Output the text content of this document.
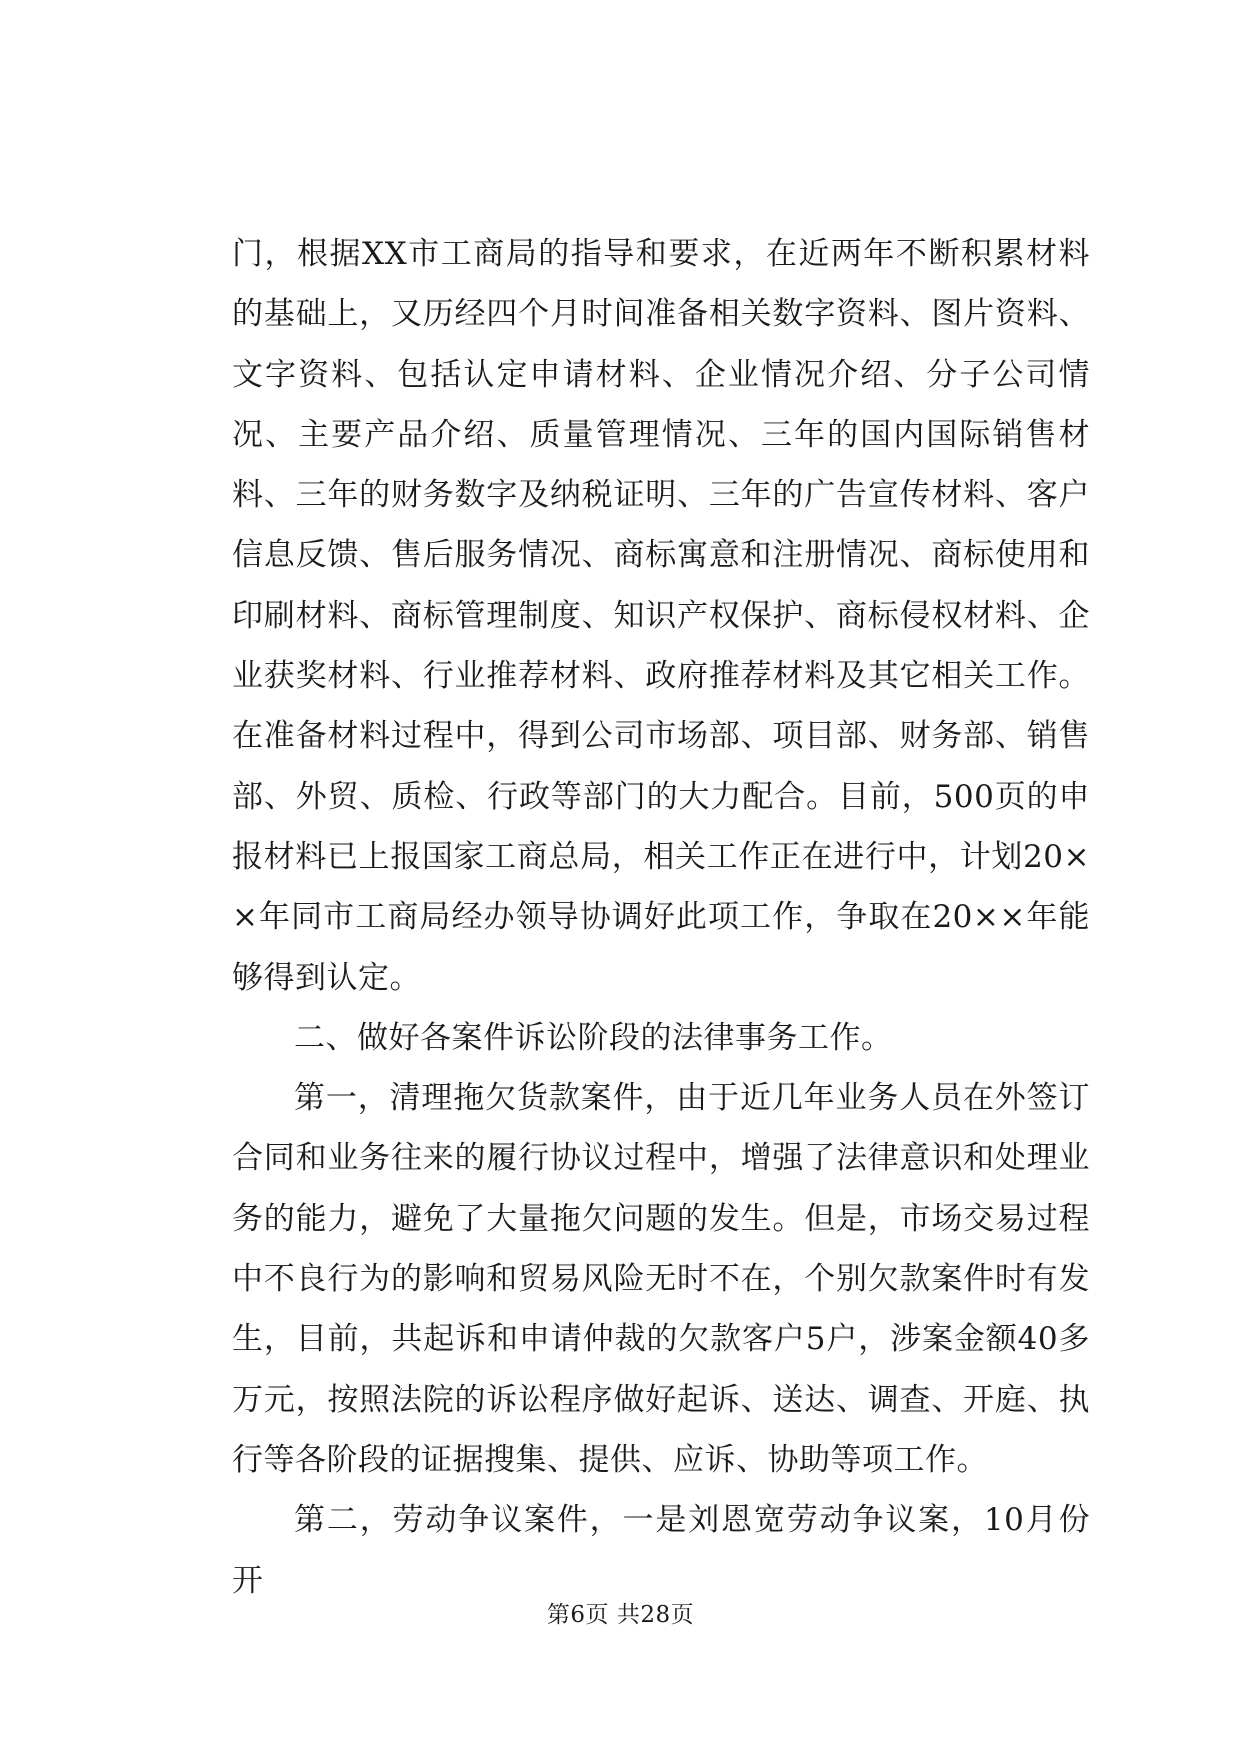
门，根据XX市工商局的指导和要求，在近两年不断积累材料的基础上，又历经四个月时间准备相关数字资料、图片资料、文字资料、包括认定申请材料、企业情况介绍、分子公司情况、主要产品介绍、质量管理情况、三年的国内国际销售材料、三年的财务数字及纳税证明、三年的广告宣传材料、客户信息反馈、售后服务情况、商标寓意和注册情况、商标使用和印刷材料、商标管理制度、知识产权保护、商标侵权材料、企业获奖材料、行业推荐材料、政府推荐材料及其它相关工作。在准备材料过程中，得到公司市场部、项目部、财务部、销售部、外贸、质检、行政等部门的大力配合。目前，500页的申报材料已上报国家工商总局，相关工作正在进行中，计划20××年同市工商局经办领导协调好此项工作，争取在20××年能够得到认定。

二、做好各案件诉讼阶段的法律事务工作。

第一，清理拖欠货款案件，由于近几年业务人员在外签订合同和业务往来的履行协议过程中，增强了法律意识和处理业务的能力，避免了大量拖欠问题的发生。但是，市场交易过程中不良行为的影响和贸易风险无时不在，个别欠款案件时有发生，目前，共起诉和申请仲裁的欠款客户5户，涉案金额40多万元，按照法院的诉讼程序做好起诉、送达、调查、开庭、执行等各阶段的证据搜集、提供、应诉、协助等项工作。

第二，劳动争议案件，一是刘恩宽劳动争议案，10月份开

第6页 共28页
